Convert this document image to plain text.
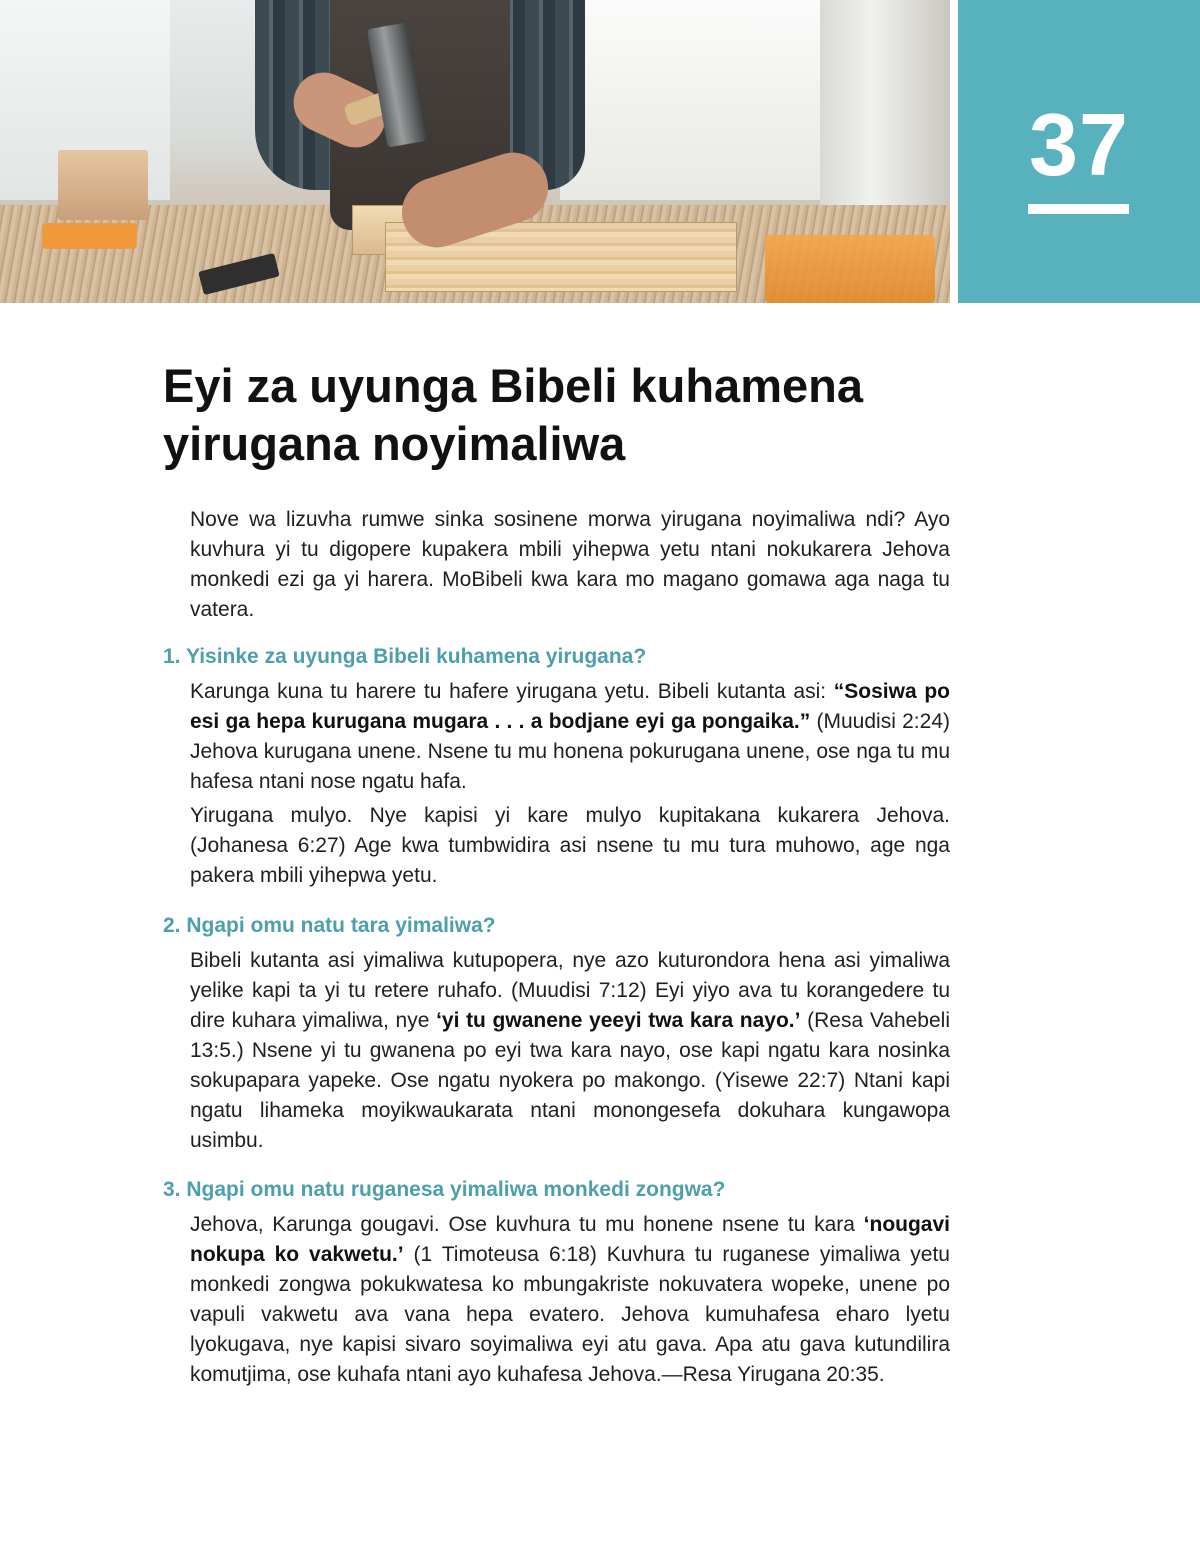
37
Eyi za uyunga Bibeli kuhamena yirugana noyimaliwa

Nove wa lizuvha rumwe sinka sosinene morwa yirugana noyimaliwa ndi? Ayo kuvhura yi tu digopere kupakera mbili yihepwa yetu ntani nokukarera Jehova monkedi ezi ga yi harera. MoBibeli kwa kara mo magano gomawa aga naga tu vatera.

1. Yisinke za uyunga Bibeli kuhamena yirugana?

Karunga kuna tu harere tu hafere yirugana yetu. Bibeli kutanta asi: “Sosiwa po esi ga hepa kurugana mugara . . . a bodjane eyi ga pongaika.” (Muudisi 2:24) Jehova kurugana unene. Nsene tu mu honena pokurugana unene, ose nga tu mu hafesa ntani nose ngatu hafa.

Yirugana mulyo. Nye kapisi yi kare mulyo kupitakana kukarera Jehova. (Johanesa 6:27) Age kwa tumbwidira asi nsene tu mu tura muhowo, age nga pakera mbili yihepwa yetu.

2. Ngapi omu natu tara yimaliwa?

Bibeli kutanta asi yimaliwa kutupopera, nye azo kuturondora hena asi yimaliwa yelike kapi ta yi tu retere ruhafo. (Muudisi 7:12) Eyi yiyo ava tu korangedere tu dire kuhara yimaliwa, nye ‘yi tu gwanene yeeyi twa kara nayo.’ (Resa Vahebeli 13:5.) Nsene yi tu gwanena po eyi twa kara nayo, ose kapi ngatu kara nosinka sokupapara yapeke. Ose ngatu nyokera po makongo. (Yisewe 22:7) Ntani kapi ngatu lihameka moyikwaukarata ntani monongesefa dokuhara kungawopa usimbu.

3. Ngapi omu natu ruganesa yimaliwa monkedi zongwa?

Jehova, Karunga gougavi. Ose kuvhura tu mu honene nsene tu kara ‘nougavi nokupa ko vakwetu.’ (1 Timoteusa 6:18) Kuvhura tu ruganese yimaliwa yetu monkedi zongwa pokukwatesa ko mbungakriste nokuvatera wopeke, unene po vapuli vakwetu ava vana hepa evatero. Jehova kumuhafesa eharo lyetu lyokugava, nye kapisi sivaro soyimaliwa eyi atu gava. Apa atu gava kutundilira komutjima, ose kuhafa ntani ayo kuhafesa Jehova.—Resa Yirugana 20:35.
